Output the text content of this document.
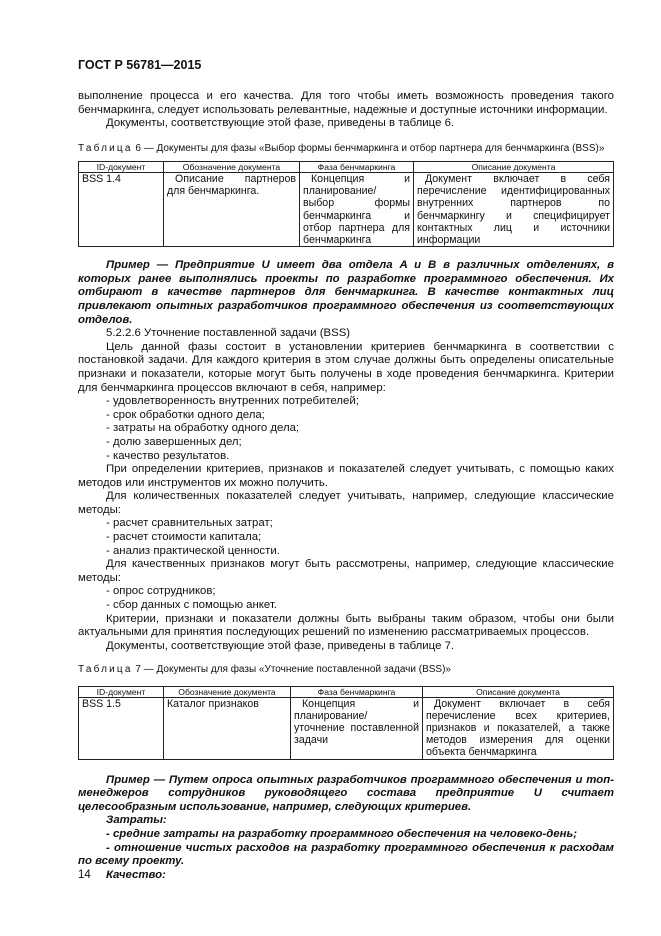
ГОСТ Р 56781—2015

выполнение процесса и его качества. Для того чтобы иметь возможность проведения такого бенчмаркинга, следует использовать релевантные, надежные и доступные источники информации.

Документы, соответствующие этой фазе, приведены в таблице 6.

Таблица 6 — Документы для фазы «Выбор формы бенчмаркинга и отбор партнера для бенчмаркинга (BSS)»

ID-документ	Обозначение документа	Фаза бенчмаркинга	Описание документа
BSS 1.4	Описание партнеров для бенчмаркинга.	Концепция и планирование/ выбор формы бенчмаркинга и отбор партнера для бенчмаркинга	Документ включает в себя перечисление идентифицированных внутренних партнеров по бенчмаркингу и специфицирует контактных лиц и источники информации

Пример — Предприятие U имеет два отдела A и B в различных отделениях, в которых ранее выполнялись проекты по разработке программного обеспечения. Их отбирают в качестве партнеров для бенчмаркинга. В качестве контактных лиц привлекают опытных разработчиков программного обеспечения из соответствующих отделов.

5.2.2.6 Уточнение поставленной задачи (BSS)

Цель данной фазы состоит в установлении критериев бенчмаркинга в соответствии с постановкой задачи. Для каждого критерия в этом случае должны быть определены описательные признаки и показатели, которые могут быть получены в ходе проведения бенчмаркинга. Критерии для бенчмаркинга процессов включают в себя, например:

- удовлетворенность внутренних потребителей;

- срок обработки одного дела;

- затраты на обработку одного дела;

- долю завершенных дел;

- качество результатов.

При определении критериев, признаков и показателей следует учитывать, с помощью каких методов или инструментов их можно получить.

Для количественных показателей следует учитывать, например, следующие классические методы:

- расчет сравнительных затрат;

- расчет стоимости капитала;

- анализ практической ценности.

Для качественных признаков могут быть рассмотрены, например, следующие классические методы:

- опрос сотрудников;

- сбор данных с помощью анкет.

Критерии, признаки и показатели должны быть выбраны таким образом, чтобы они были актуальными для принятия последующих решений по изменению рассматриваемых процессов.

Документы, соответствующие этой фазе, приведены в таблице 7.

Таблица 7 — Документы для фазы «Уточнение поставленной задачи (BSS)»

ID-документ	Обозначение документа	Фаза бенчмаркинга	Описание документа
BSS 1.5	Каталог признаков	Концепция и планирование/ уточнение поставленной задачи	Документ включает в себя перечисление всех критериев, признаков и показателей, а также методов измерения для оценки объекта бенчмаркинга

Пример — Путем опроса опытных разработчиков программного обеспечения и топ-менеджеров сотрудников руководящего состава предприятие U считает целесообразным использование, например, следующих критериев.

Затраты:

- средние затраты на разработку программного обеспечения на человеко-день;

- отношение чистых расходов на разработку программного обеспечения к расходам по всему проекту.

Качество:

14
